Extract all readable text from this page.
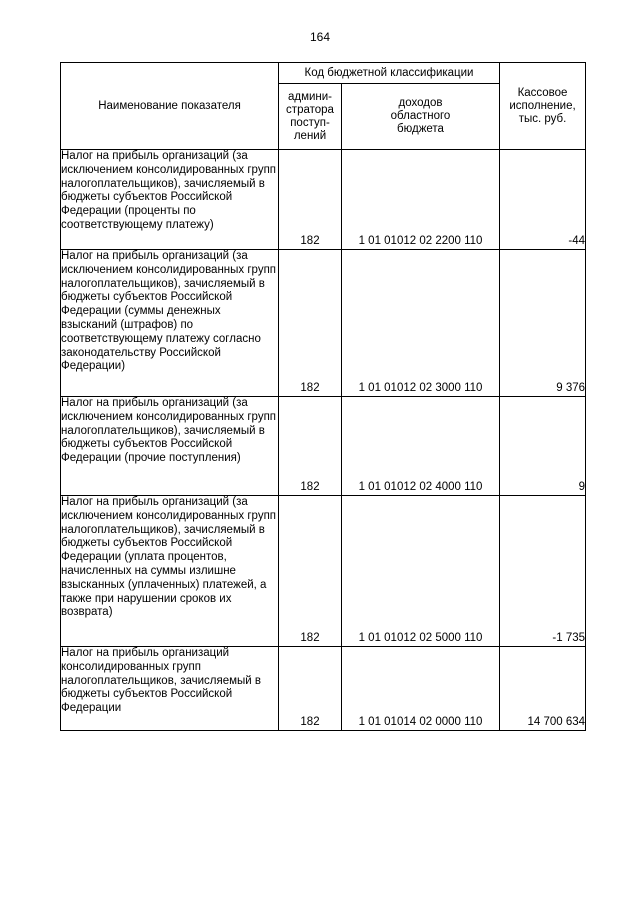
164
Наименование показателя	Код бюджетной классификации		Кассовое
исполнение,
тыс. руб.
	админи-
стратора
поступ-
лений	доходов
областного
бюджета	
Налог на прибыль организаций (за исключением консолидированных групп налогоплательщиков), зачисляемый в бюджеты субъектов Российской Федерации (проценты по соответствующему платежу)	182	1 01 01012 02 2200 110	-44
Налог на прибыль организаций (за исключением консолидированных групп налогоплательщиков), зачисляемый в бюджеты субъектов Российской Федерации (суммы денежных взысканий (штрафов) по соответствующему платежу согласно законодательству Российской Федерации)	182	1 01 01012 02 3000 110	9 376
Налог на прибыль организаций (за исключением консолидированных групп налогоплательщиков), зачисляемый в бюджеты субъектов Российской Федерации (прочие поступления)	182	1 01 01012 02 4000 110	9
Налог на прибыль организаций (за исключением консолидированных групп налогоплательщиков), зачисляемый в бюджеты субъектов Российской Федерации (уплата процентов, начисленных на суммы излишне взысканных (уплаченных) платежей, а также при нарушении сроков их возврата)	182	1 01 01012 02 5000 110	-1 735
Налог на прибыль организаций консолидированных групп налогоплательщиков, зачисляемый в бюджеты субъектов Российской Федерации	182	1 01 01014 02 0000 110	14 700 634
